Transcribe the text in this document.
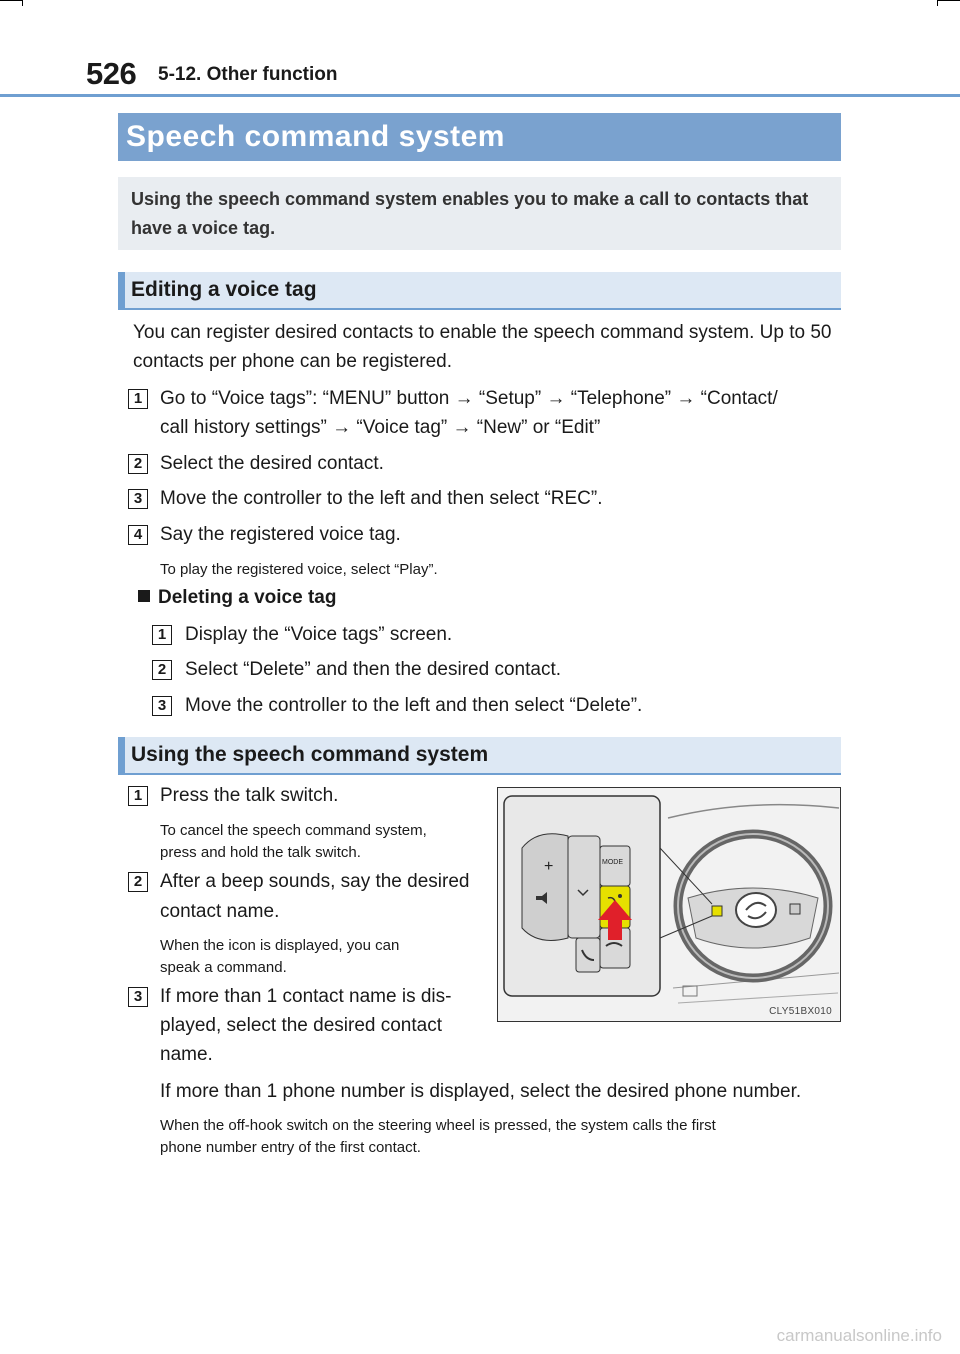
526 5-12. Other function
Speech command system
Using the speech command system enables you to make a call to contacts that have a voice tag.
Editing a voice tag
You can register desired contacts to enable the speech command system. Up to 50 contacts per phone can be registered.
1 Go to “Voice tags”: “MENU” button → “Setup” → “Telephone” → “Contact/
call history settings” → “Voice tag” → “New” or “Edit”
2 Select the desired contact.
3 Move the controller to the left and then select “REC”.
4 Say the registered voice tag.
To play the registered voice, select “Play”.
Deleting a voice tag
1 Display the “Voice tags” screen.
2 Select “Delete” and then the desired contact.
3 Move the controller to the left and then select “Delete”.
Using the speech command system
1 Press the talk switch.
To cancel the speech command system,
press and hold the talk switch.
2 After a beep sounds, say the desired
contact name.
When the icon is displayed, you can
speak a command.
3 If more than 1 contact name is dis-
played, select the desired contact
name.
If more than 1 phone number is displayed, select the desired phone number.
When the off-hook switch on the steering wheel is pressed, the system calls the first
phone number entry of the first contact.
+	MODE
CLY51BX010
carmanualsonline.info
